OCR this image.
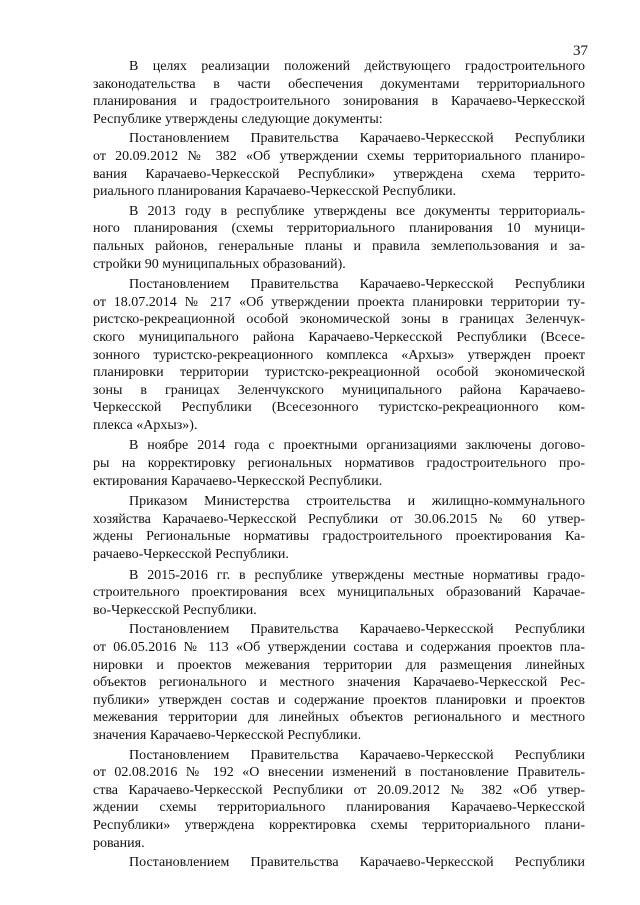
37

В целях реализации положений действующего градостроительного
законодательства в части обеспечения документами территориального
планирования и градостроительного зонирования в Карачаево-Черкесской
Республике утверждены следующие документы:

Постановлением Правительства Карачаево-Черкесской Республики
от 20.09.2012 № 382 «Об утверждении схемы территориального планиро-
вания Карачаево-Черкесской Республики» утверждена схема террито-
риального планирования Карачаево-Черкесской Республики.

В 2013 году в республике утверждены все документы территориаль-
ного планирования (схемы территориального планирования 10 муници-
пальных районов, генеральные планы и правила землепользования и за-
стройки 90 муниципальных образований).

Постановлением Правительства Карачаево-Черкесской Республики
от 18.07.2014 № 217 «Об утверждении проекта планировки территории ту-
ристско-рекреационной особой экономической зоны в границах Зеленчук-
ского муниципального района Карачаево-Черкесской Республики (Всесе-
зонного туристско-рекреационного комплекса «Архыз» утвержден проект
планировки территории туристско-рекреационной особой экономической
зоны в границах Зеленчукского муниципального района Карачаево-
Черкесской Республики (Всесезонного туристско-рекреационного ком-
плекса «Архыз»).

В ноябре 2014 года с проектными организациями заключены догово-
ры на корректировку региональных нормативов градостроительного про-
ектирования Карачаево-Черкесской Республики.

Приказом Министерства строительства и жилищно-коммунального
хозяйства Карачаево-Черкесской Республики от 30.06.2015 № 60 утвер-
ждены Региональные нормативы градостроительного проектирования Ка-
рачаево-Черкесской Республики.

В 2015-2016 гг. в республике утверждены местные нормативы градо-
строительного проектирования всех муниципальных образований Карачае-
во-Черкесской Республики.

Постановлением Правительства Карачаево-Черкесской Республики
от 06.05.2016 № 113 «Об утверждении состава и содержания проектов пла-
нировки и проектов межевания территории для размещения линейных
объектов регионального и местного значения Карачаево-Черкесской Рес-
публики» утвержден состав и содержание проектов планировки и проектов
межевания территории для линейных объектов регионального и местного
значения Карачаево-Черкесской Республики.

Постановлением Правительства Карачаево-Черкесской Республики
от 02.08.2016 № 192 «О внесении изменений в постановление Правитель-
ства Карачаево-Черкесской Республики от 20.09.2012 № 382 «Об утвер-
ждении схемы территориального планирования Карачаево-Черкесской
Республики» утверждена корректировка схемы территориального плани-
рования.

Постановлением Правительства Карачаево-Черкесской Республики
